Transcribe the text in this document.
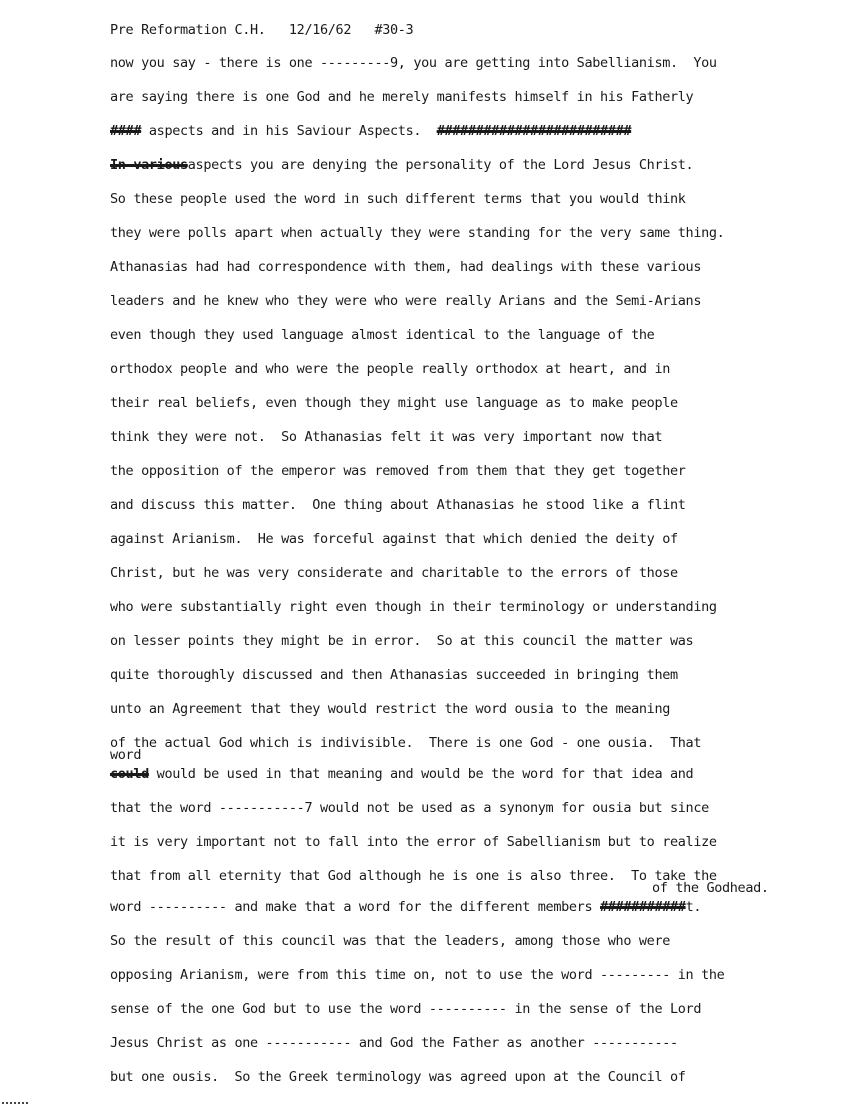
Pre Reformation C.H.   12/16/62   #30-3
now you say - there is one ---------9, you are getting into Sabellianism.  You
are saying there is one God and he merely manifests himself in his Fatherly
#### aspects and in his Saviour Aspects. #########################
In-variousaspects you are denying the personality of the Lord Jesus Christ.
So these people used the word in such different terms that you would think
they were polls apart when actually they were standing for the very same thing.
Athanasias had had correspondence with them, had dealings with these various
leaders and he knew who they were who were really Arians and the Semi-Arians
even though they used language almost identical to the language of the
orthodox people and who were the people really orthodox at heart, and in
their real beliefs, even though they might use language as to make people
think they were not.  So Athanasias felt it was very important now that
the opposition of the emperor was removed from them that they get together
and discuss this matter.  One thing about Athanasias he stood like a flint
against Arianism.  He was forceful against that which denied the deity of
Christ, but he was very considerate and charitable to the errors of those
who were substantially right even though in their terminology or understanding
on lesser points they might be in error.  So at this council the matter was
quite thoroughly discussed and then Athanasias succeeded in bringing them
unto an Agreement that they would restrict the word ousia to the meaning
of the actual God which is indivisible.  There is one God - one ousia.  That
word
could would be used in that meaning and would be the word for that idea and
that the word -----------7 would not be used as a synonym for ousia but since
it is very important not to fall into the error of Sabellianism but to realize
that from all eternity that God although he is one is also three.  To take the
of the Godhead.
word ---------- and make that a word for the different members ###########t.
So the result of this council was that the leaders, among those who were
opposing Arianism, were from this time on, not to use the word --------- in the
sense of the one God but to use the word ---------- in the sense of the Lord
Jesus Christ as one ----------- and God the Father as another -----------
but one ousis.  So the Greek terminology was agreed upon at the Council of
